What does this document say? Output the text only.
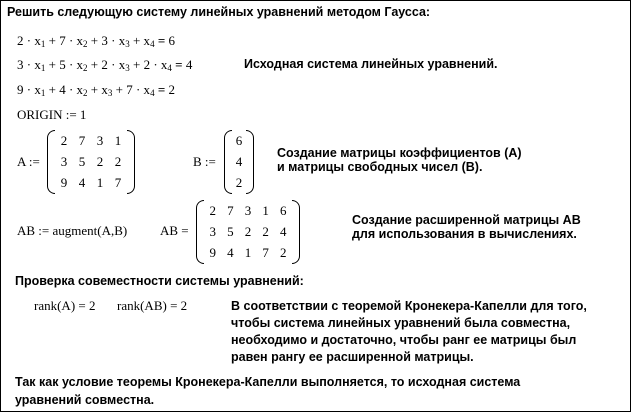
Решить следующую систему линейных уравнений методом Гаусса:
$2 \cdot x_1 + 7 \cdot x_2 + 3 \cdot x_3 + x_4 = 6$
$3 \cdot x_1 + 5 \cdot x_2 + 2 \cdot x_3 + 2 \cdot x_4 = 4$	Исходная система линейных уравнений.
$9 \cdot x_1 + 4 \cdot x_2 + x_3 + 7 \cdot x_4 = 2$
ORIGIN := 1
A :=
2	7	3	1
3	5	2	2
9	4	1	7
B :=
6
4
2
Создание матрицы коэффициентов (A)
и матрицы свободных чисел (B).
AB := augment(A,B)	AB =
2	7	3	1	6
3	5	2	2	4
9	4	1	7	2
Создание расширенной матрицы AB
для использования в вычислениях.
Проверка совеместности системы уравнений:
rank(A) = 2 rank(AB) = 2	В соответствии с теоремой Кронекера-Капелли для того,
чтобы система линейных уравнений была совместна,
необходимо и достаточно, чтобы ранг ее матрицы был
равен рангу ее расширенной матрицы.
Так как условие теоремы Кронекера-Капелли выполняется, то исходная система
уравнений совместна.
